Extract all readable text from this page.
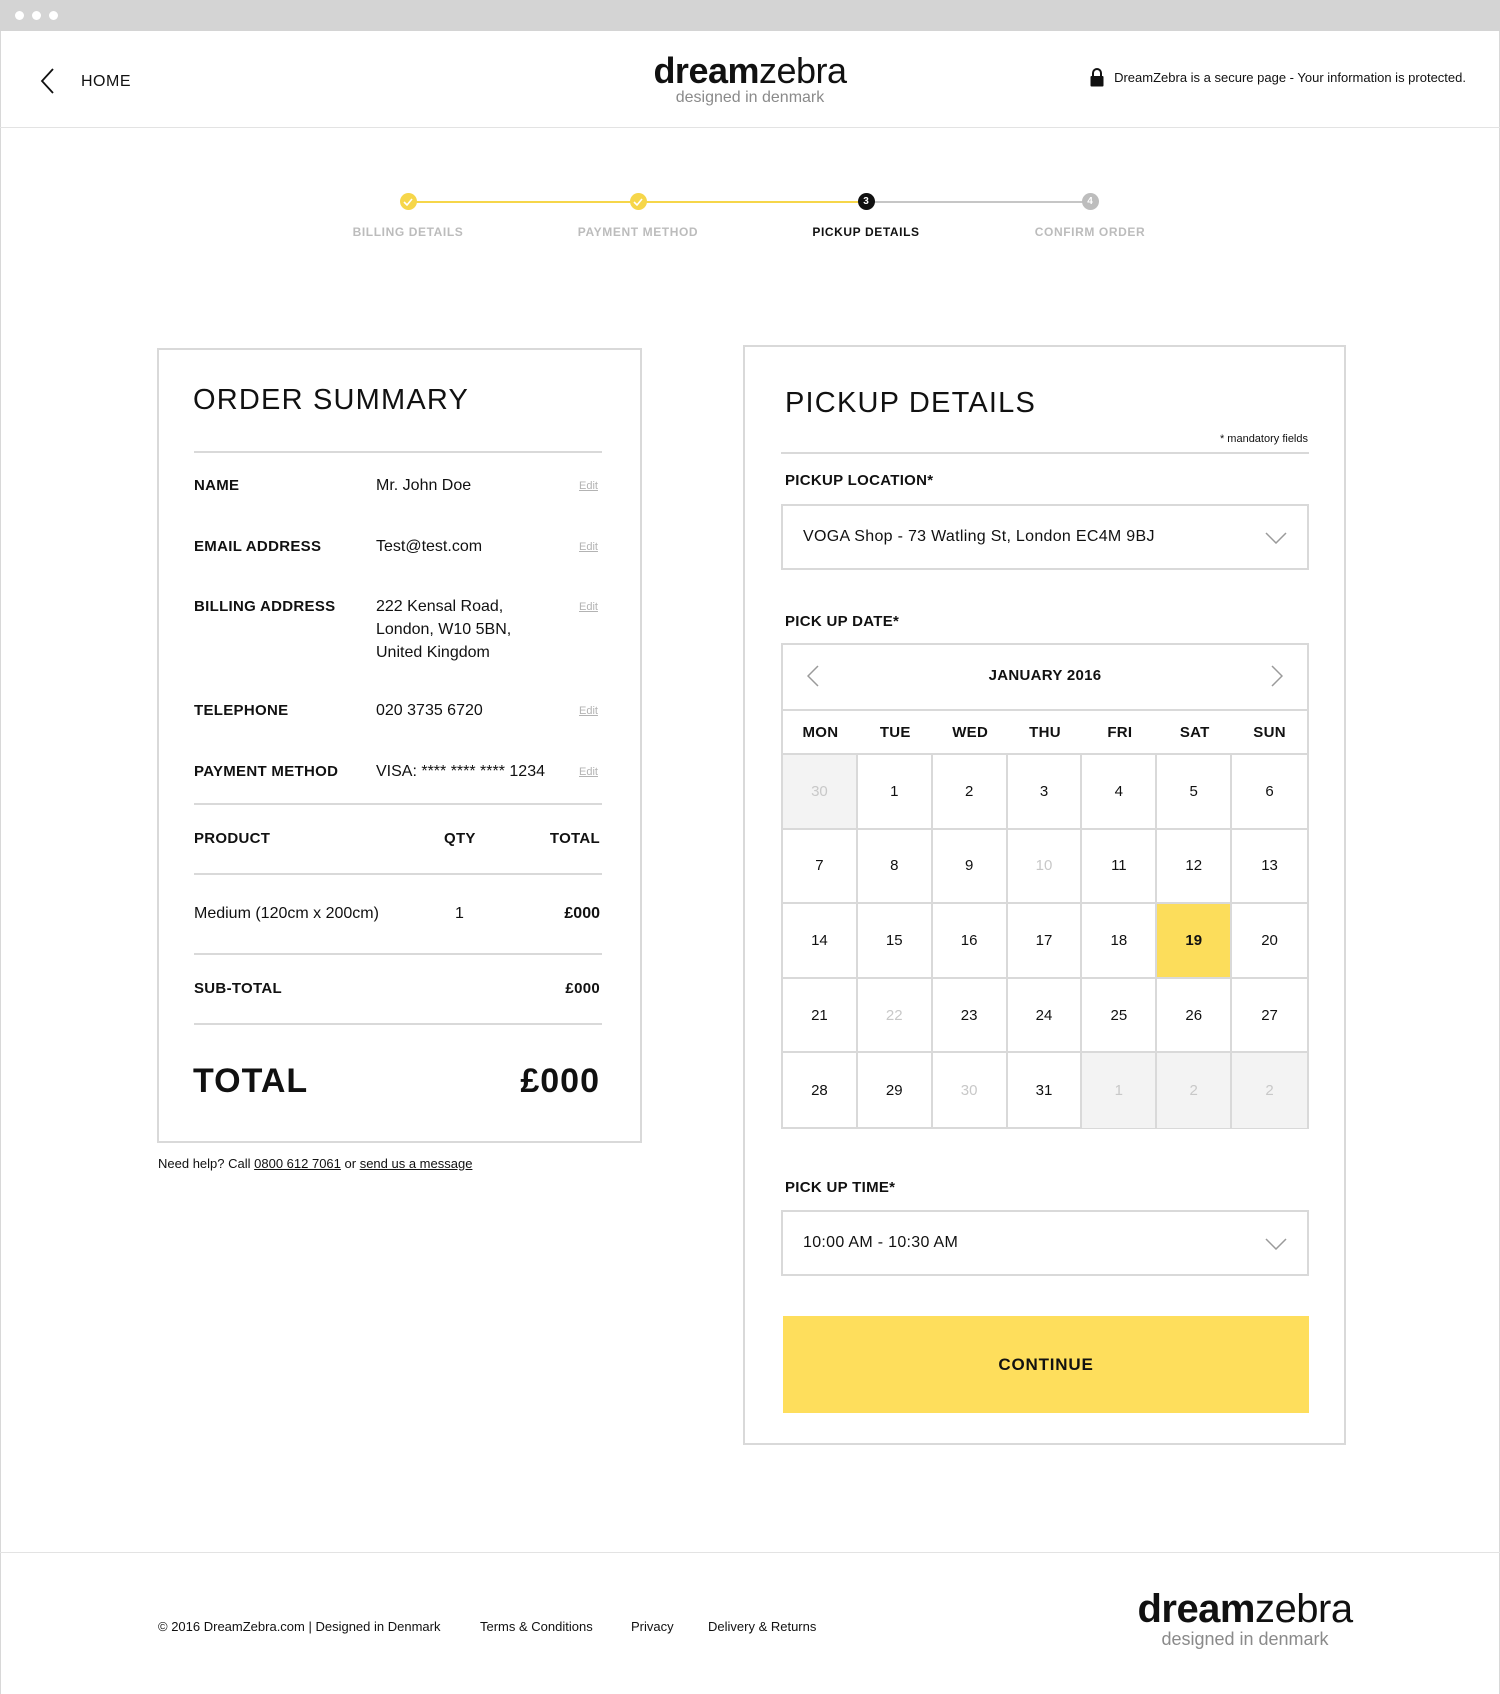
HOME	dreamzebra
designed in denmark
DreamZebra is a secure page - Your information is protected.
BILLING DETAILS	PAYMENT METHOD
3
PICKUP DETAILS
4
CONFIRM ORDER
ORDER SUMMARY
NAME	Mr. John Doe	Edit
EMAIL ADDRESS	Test@test.com	Edit
BILLING ADDRESS	222 Kensal Road,
London, W10 5BN,
United Kingdom
Edit
TELEPHONE	020 3735 6720	Edit
PAYMENT METHOD VISA: **** **** **** 1234	Edit
PRODUCT	QTY	TOTAL
Medium (120cm x 200cm)	1	£000
SUB-TOTAL	£000
TOTAL	£000
Need help? Call 0800 612 7061 or send us a message
PICKUP DETAILS
* mandatory fields
PICKUP LOCATION*
VOGA Shop - 73 Watling St, London EC4M 9BJ
PICK UP DATE*
JANUARY 2016
MON	TUE	WED	THU	FRI	SAT	SUN
30	1	2	3	4	5	6
7	8	9	10	11	12	13
14	15	16	17	18	19	20
21	22	23	24	25	26	27
28	29	30	31	1	2	2
PICK UP TIME*
10:00 AM - 10:30 AM
CONTINUE
© 2016 DreamZebra.com | Designed in Denmark	Terms & Conditions	Privacy	Delivery & Returns	dreamzebra
designed in denmark
